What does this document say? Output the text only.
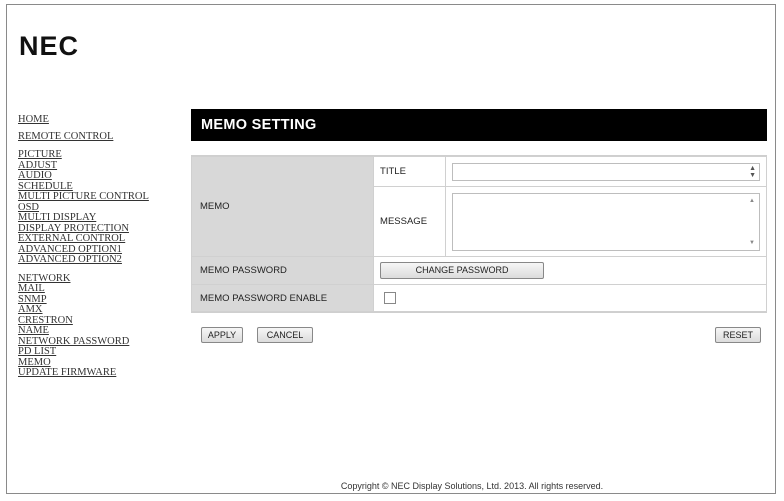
NEC
HOME
REMOTE CONTROL
PICTURE
ADJUST
AUDIO
SCHEDULE
MULTI PICTURE CONTROL
OSD
MULTI DISPLAY
DISPLAY PROTECTION
EXTERNAL CONTROL
ADVANCED OPTION1
ADVANCED OPTION2
NETWORK
MAIL
SNMP
AMX
CRESTRON
NAME
NETWORK PASSWORD
PD LIST
MEMO
UPDATE FIRMWARE
MEMO SETTING
MEMO	TITLE	▲
▼

	MESSAGE	▲
▼

MEMO PASSWORD	CHANGE PASSWORD	
MEMO PASSWORD ENABLE		
APPLY	CANCEL	RESET
Copyright © NEC Display Solutions, Ltd. 2013. All rights reserved.
